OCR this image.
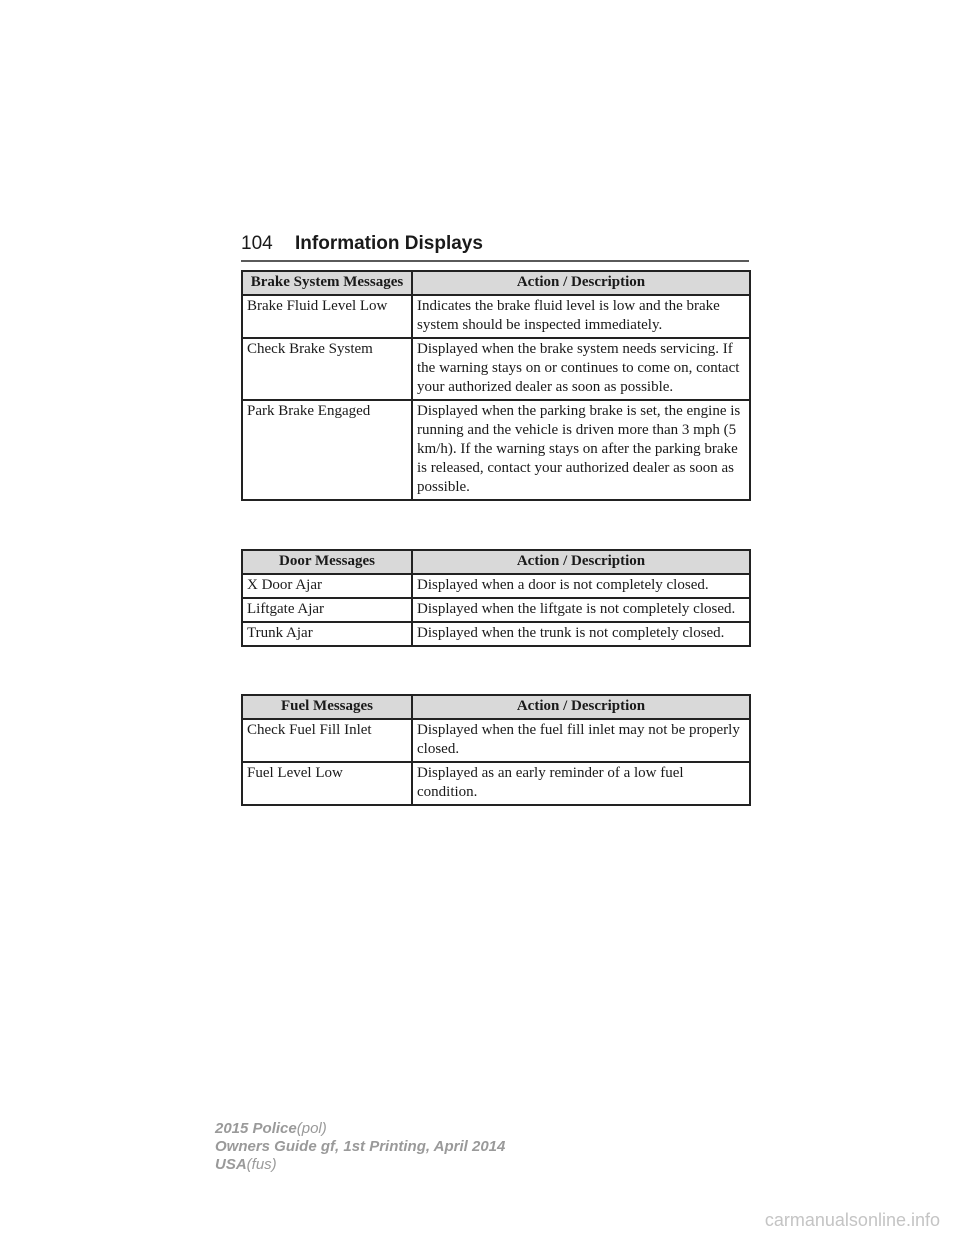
104 Information Displays
Brake System Messages	Action / Description
Brake Fluid Level Low	Indicates the brake fluid level is low and the brake system should be inspected immediately.
Check Brake System	Displayed when the brake system needs servicing. If the warning stays on or continues to come on, contact your authorized dealer as soon as possible.
Park Brake Engaged	Displayed when the parking brake is set, the engine is running and the vehicle is driven more than 3 mph (5 km/h). If the warning stays on after the parking brake is released, contact your authorized dealer as soon as possible.
Door Messages	Action / Description
X Door Ajar	Displayed when a door is not completely closed.
Liftgate Ajar	Displayed when the liftgate is not completely closed.
Trunk Ajar	Displayed when the trunk is not completely closed.
Fuel Messages	Action / Description
Check Fuel Fill Inlet	Displayed when the fuel fill inlet may not be properly closed.
Fuel Level Low	Displayed as an early reminder of a low fuel condition.
2015 Police(pol)
Owners Guide gf, 1st Printing, April 2014
USA(fus)
carmanualsonline.info
